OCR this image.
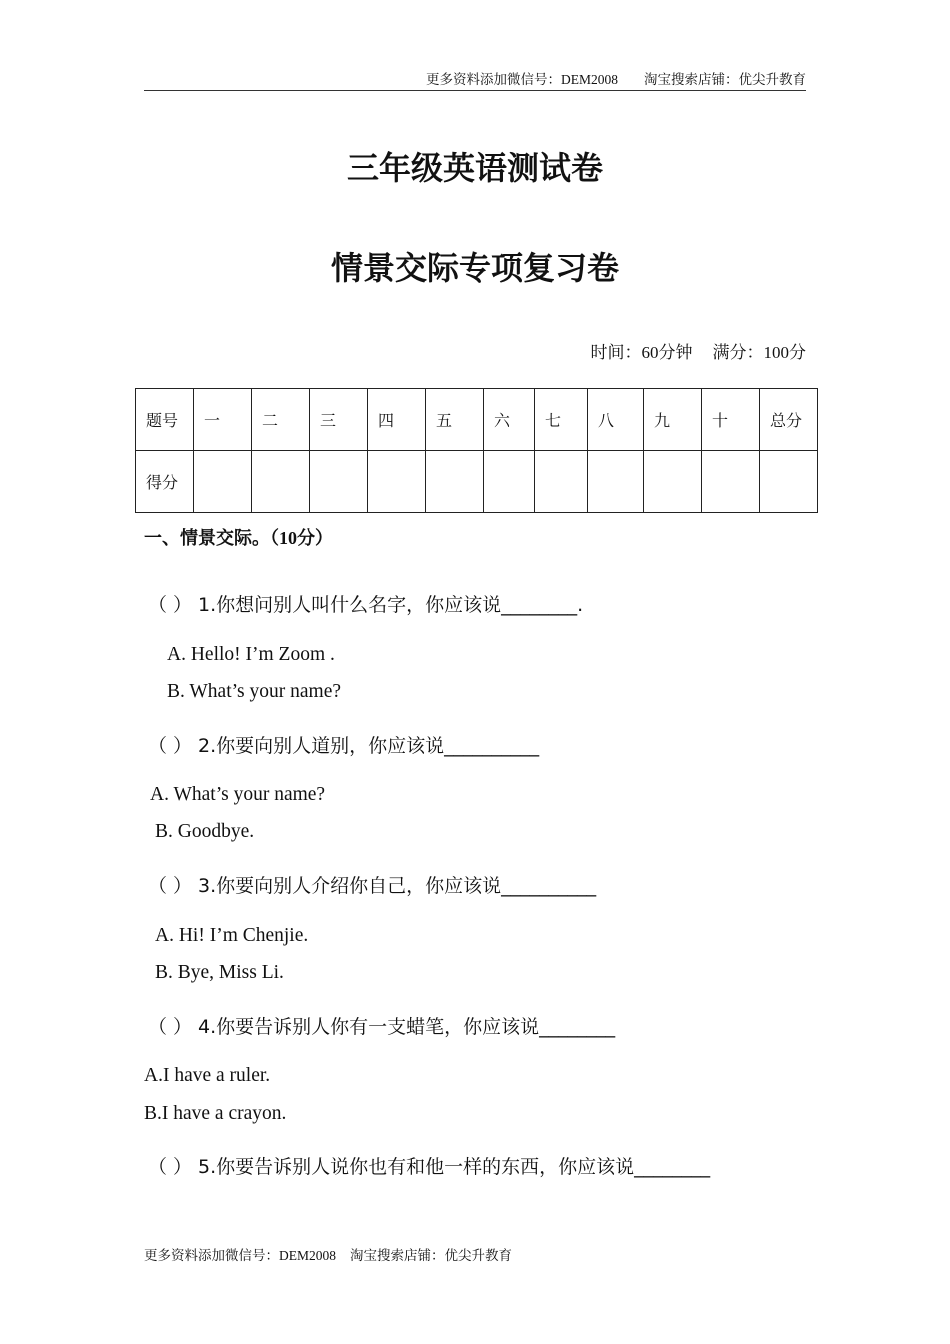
更多资料添加微信号：DEM2008 淘宝搜索店铺：优尖升教育
三年级英语测试卷
情景交际专项复习卷
时间：60分钟 满分：100分
题号	一	二	三	四	五	六	七	八	九	十	总分
得分											
一、情景交际。（10分）
（ ） 1.你想问别人叫什么名字，你应该说________.
A. Hello! I’m Zoom .
B. What’s your name?
（ ） 2.你要向别人道别，你应该说__________
A. What’s your name?
B. Goodbye.
（ ） 3.你要向别人介绍你自己，你应该说__________
A. Hi! I’m Chenjie.
B. Bye, Miss Li.
（ ） 4.你要告诉别人你有一支蜡笔，你应该说________
A.I have a ruler.
B.I have a crayon.
（ ） 5.你要告诉别人说你也有和他一样的东西，你应该说________
更多资料添加微信号：DEM2008 淘宝搜索店铺：优尖升教育
